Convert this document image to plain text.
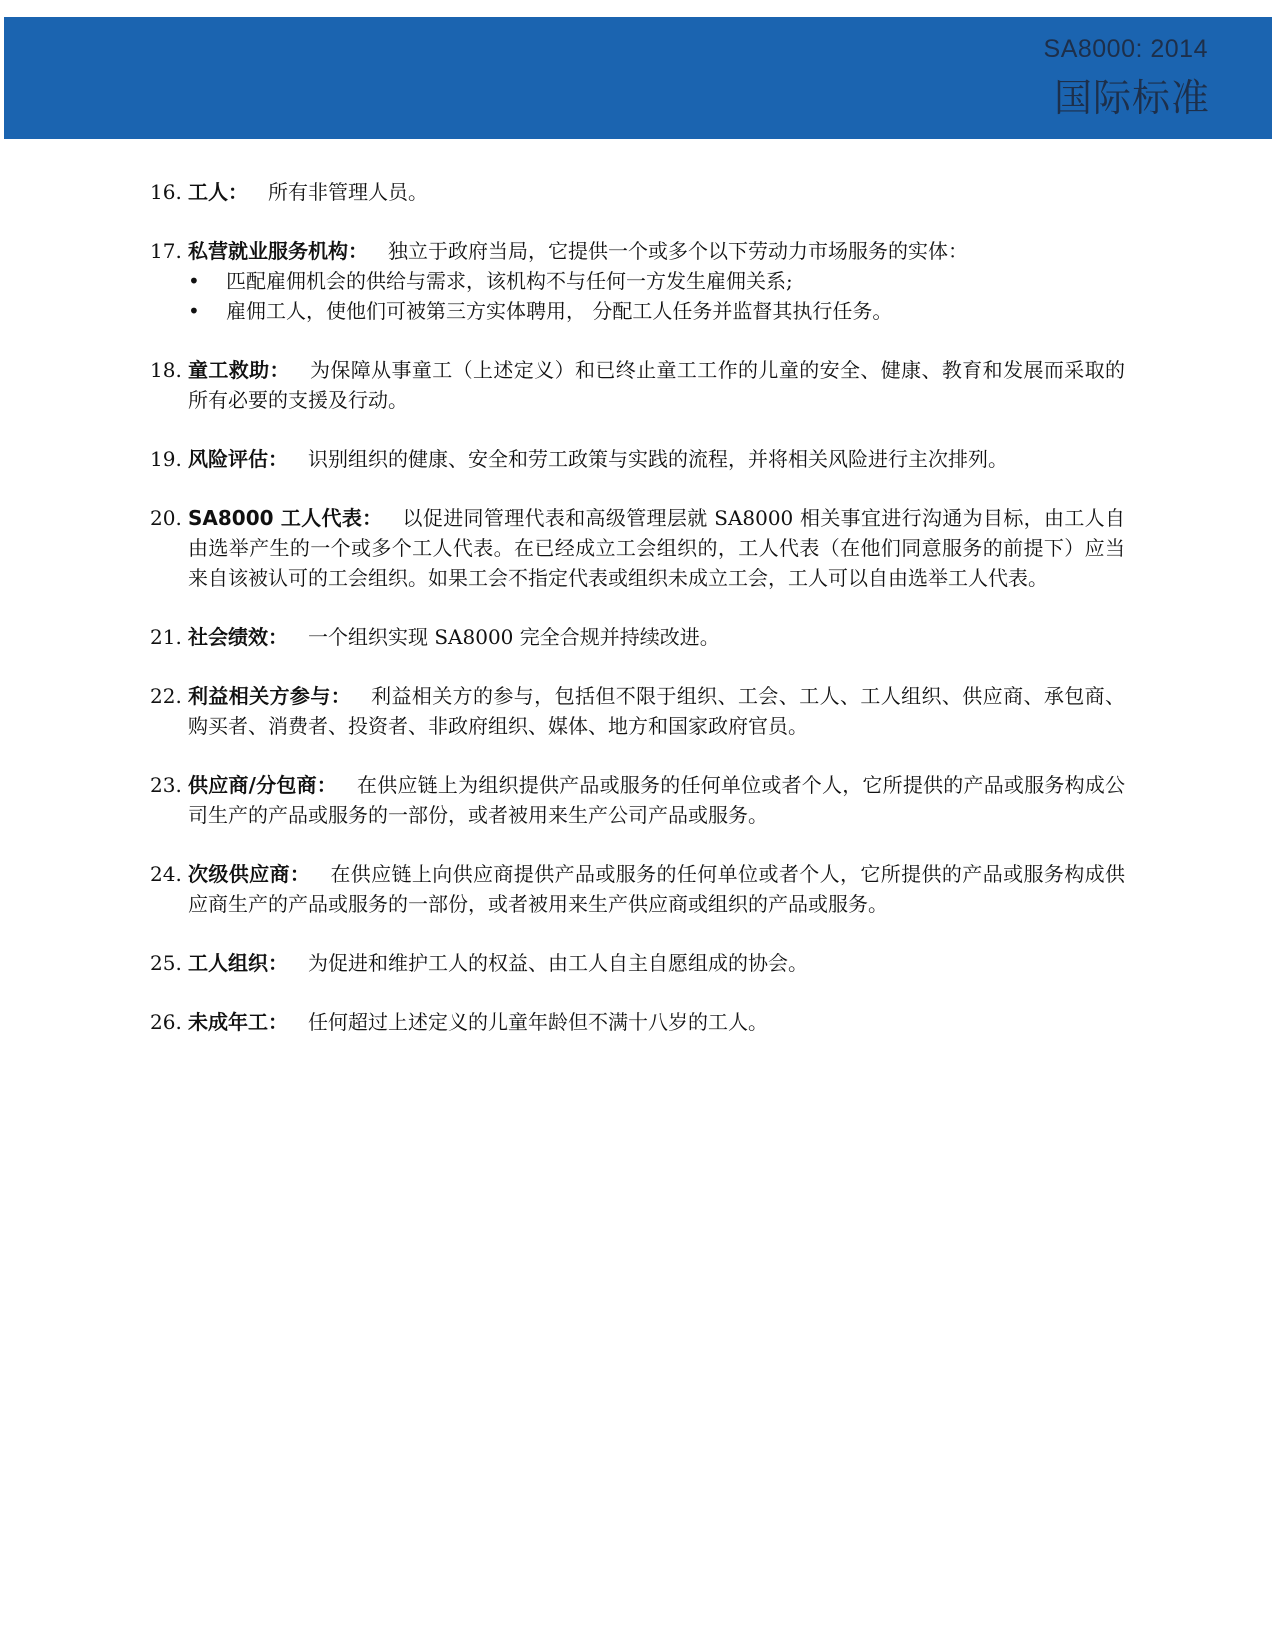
SA8000: 2014
国际标准
16. 工人： 所有非管理人员。
17. 私营就业服务机构： 独立于政府当局，它提供一个或多个以下劳动力市场服务的实体：
• 匹配雇佣机会的供给与需求，该机构不与任何一方发生雇佣关系;
• 雇佣工人，使他们可被第三方实体聘用， 分配工人任务并监督其执行任务。
18. 童工救助： 为保障从事童工（上述定义）和已终止童工工作的儿童的安全、健康、教育和发展而采取的所有必要的支援及行动。
19. 风险评估： 识别组织的健康、安全和劳工政策与实践的流程，并将相关风险进行主次排列。
20. SA8000 工人代表： 以促进同管理代表和高级管理层就 SA8000 相关事宜进行沟通为目标，由工人自由选举产生的一个或多个工人代表。在已经成立工会组织的，工人代表（在他们同意服务的前提下）应当来自该被认可的工会组织。如果工会不指定代表或组织未成立工会，工人可以自由选举工人代表。
21. 社会绩效： 一个组织实现 SA8000 完全合规并持续改进。
22. 利益相关方参与： 利益相关方的参与，包括但不限于组织、工会、工人、工人组织、供应商、承包商、购买者、消费者、投资者、非政府组织、媒体、地方和国家政府官员。
23. 供应商/分包商： 在供应链上为组织提供产品或服务的任何单位或者个人，它所提供的产品或服务构成公司生产的产品或服务的一部份，或者被用来生产公司产品或服务。
24. 次级供应商： 在供应链上向供应商提供产品或服务的任何单位或者个人，它所提供的产品或服务构成供应商生产的产品或服务的一部份，或者被用来生产供应商或组织的产品或服务。
25. 工人组织： 为促进和维护工人的权益、由工人自主自愿组成的协会。
26. 未成年工： 任何超过上述定义的儿童年龄但不满十八岁的工人。
